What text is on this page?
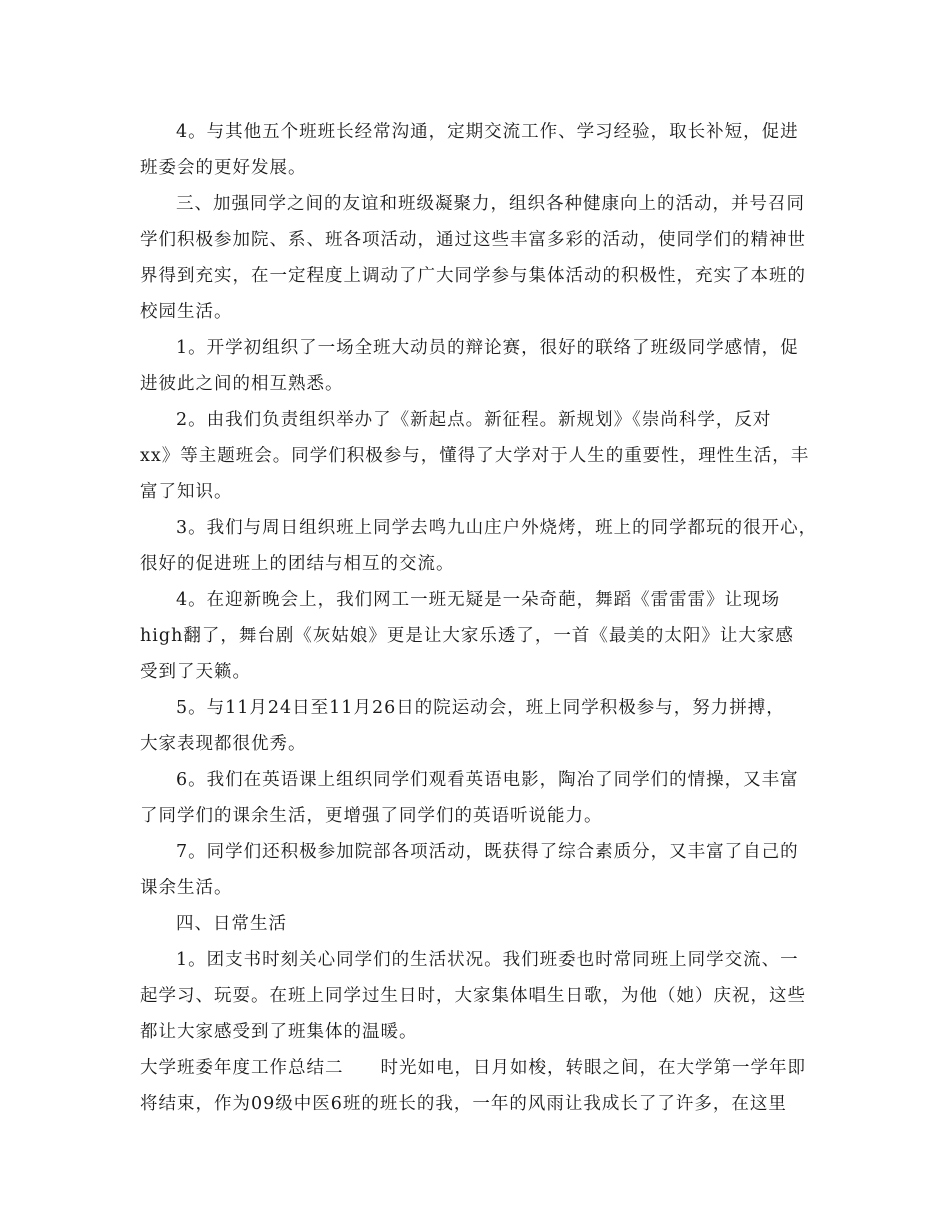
4。与其他五个班班长经常沟通，定期交流工作、学习经验，取长补短，促进
班委会的更好发展。
三、加强同学之间的友谊和班级凝聚力，组织各种健康向上的活动，并号召同
学们积极参加院、系、班各项活动，通过这些丰富多彩的活动，使同学们的精神世
界得到充实，在一定程度上调动了广大同学参与集体活动的积极性，充实了本班的
校园生活。
1。开学初组织了一场全班大动员的辩论赛，很好的联络了班级同学感情，促
进彼此之间的相互熟悉。
2。由我们负责组织举办了《新起点。新征程。新规划》《崇尚科学，反对
xx》等主题班会。同学们积极参与，懂得了大学对于人生的重要性，理性生活，丰
富了知识。
3。我们与周日组织班上同学去鸣九山庄户外烧烤，班上的同学都玩的很开心，
很好的促进班上的团结与相互的交流。
4。在迎新晚会上，我们网工一班无疑是一朵奇葩，舞蹈《雷雷雷》让现场
high翻了，舞台剧《灰姑娘》更是让大家乐透了，一首《最美的太阳》让大家感
受到了天籁。
5。与11月24日至11月26日的院运动会，班上同学积极参与，努力拼搏，
大家表现都很优秀。
6。我们在英语课上组织同学们观看英语电影，陶冶了同学们的情操，又丰富
了同学们的课余生活，更增强了同学们的英语听说能力。
7。同学们还积极参加院部各项活动，既获得了综合素质分，又丰富了自己的
课余生活。
四、日常生活
1。团支书时刻关心同学们的生活状况。我们班委也时常同班上同学交流、一
起学习、玩耍。在班上同学过生日时，大家集体唱生日歌，为他（她）庆祝，这些
都让大家感受到了班集体的温暖。
大学班委年度工作总结二　　时光如电，日月如梭，转眼之间，在大学第一学年即
将结束，作为09级中医6班的班长的我，一年的风雨让我成长了了许多，在这里
